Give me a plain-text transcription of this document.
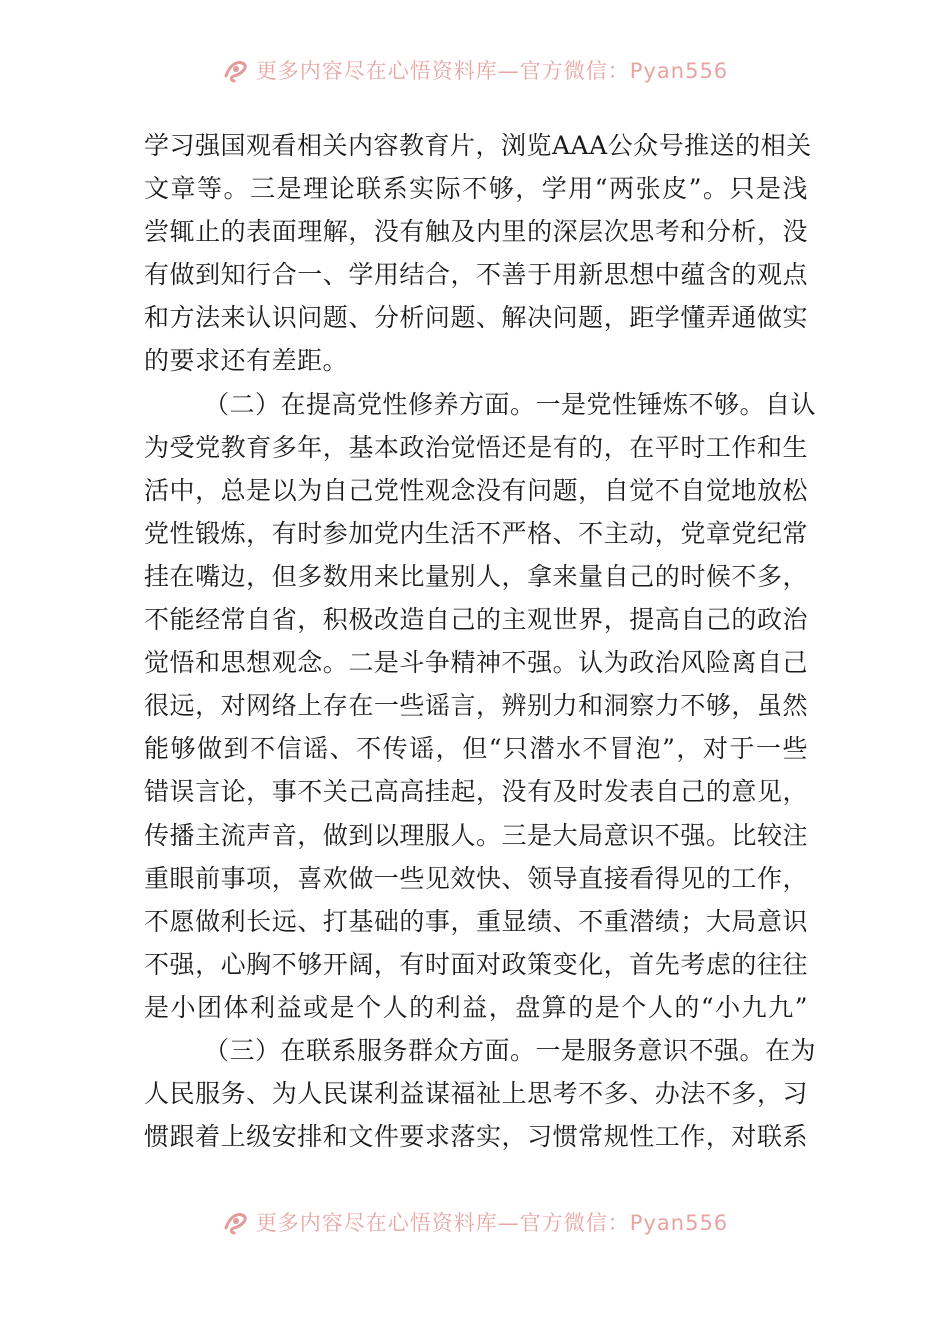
更多内容尽在心悟资料库—官方微信：Pyan556
学习强国观看相关内容教育片，浏览AAA公众号推送的相关
文章等。三是理论联系实际不够，学用“两张皮”。只是浅
尝辄止的表面理解，没有触及内里的深层次思考和分析，没
有做到知行合一、学用结合，不善于用新思想中蕴含的观点
和方法来认识问题、分析问题、解决问题，距学懂弄通做实
的要求还有差距。
（二）在提高党性修养方面。一是党性锤炼不够。自认
为受党教育多年，基本政治觉悟还是有的，在平时工作和生
活中，总是以为自己党性观念没有问题，自觉不自觉地放松
党性锻炼，有时参加党内生活不严格、不主动，党章党纪常
挂在嘴边，但多数用来比量别人，拿来量自己的时候不多，
不能经常自省，积极改造自己的主观世界，提高自己的政治
觉悟和思想观念。二是斗争精神不强。认为政治风险离自己
很远，对网络上存在一些谣言，辨别力和洞察力不够，虽然
能够做到不信谣、不传谣，但“只潜水不冒泡”，对于一些
错误言论，事不关己高高挂起，没有及时发表自己的意见，
传播主流声音，做到以理服人。三是大局意识不强。比较注
重眼前事项，喜欢做一些见效快、领导直接看得见的工作，
不愿做利长远、打基础的事，重显绩、不重潜绩；大局意识
不强，心胸不够开阔，有时面对政策变化，首先考虑的往往
是小团体利益或是个人的利益，盘算的是个人的“小九九”
（三）在联系服务群众方面。一是服务意识不强。在为
人民服务、为人民谋利益谋福祉上思考不多、办法不多，习
惯跟着上级安排和文件要求落实，习惯常规性工作，对联系
更多内容尽在心悟资料库—官方微信：Pyan556
